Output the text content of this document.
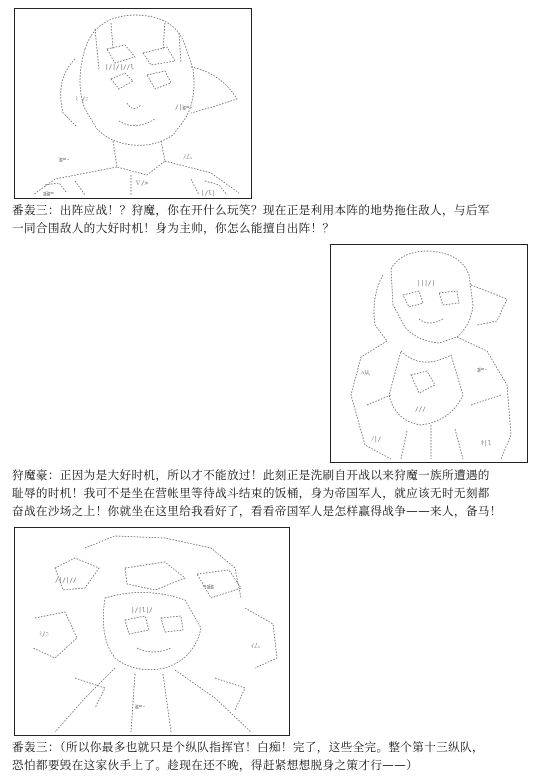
|/|/|//l
≧=-	ﾉ厶
Ｖ/>
≦≧=	|/l|
ﾐ /ﾆ
/|≧=-

番轰三：出阵应战！？狩魔，你在开什么玩笑？现在正是利用本阵的地势拖住敌人，与后军

一同合围敌人的大好时机！身为主帅，你怎么能擅自出阵！？

|||/|
ﾊ从
≦=-
///
ﾉ|/
ｷ|l

狩魔豪：正因为是大好时机，所以才不能放过！此刻正是洗刷自开战以来狩魔一族所遭遇的

耻辱的时机！我可不是坐在营帐里等待战斗结束的饭桶，身为帝国军人，就应该无时无刻都

奋战在沙场之上！你就坐在这里给我看好了，看看帝国军人是怎样赢得战争——来人，备马！

/|/|//
=≦≧
|/|l|/
ﾐ/ﾆ
ｲ厶
≧=-

番轰三：（所以你最多也就只是个纵队指挥官！白痴！完了，这些全完。整个第十三纵队，

恐怕都要毁在这家伙手上了。趁现在还不晚，得赶紧想想脱身之策才行——）
